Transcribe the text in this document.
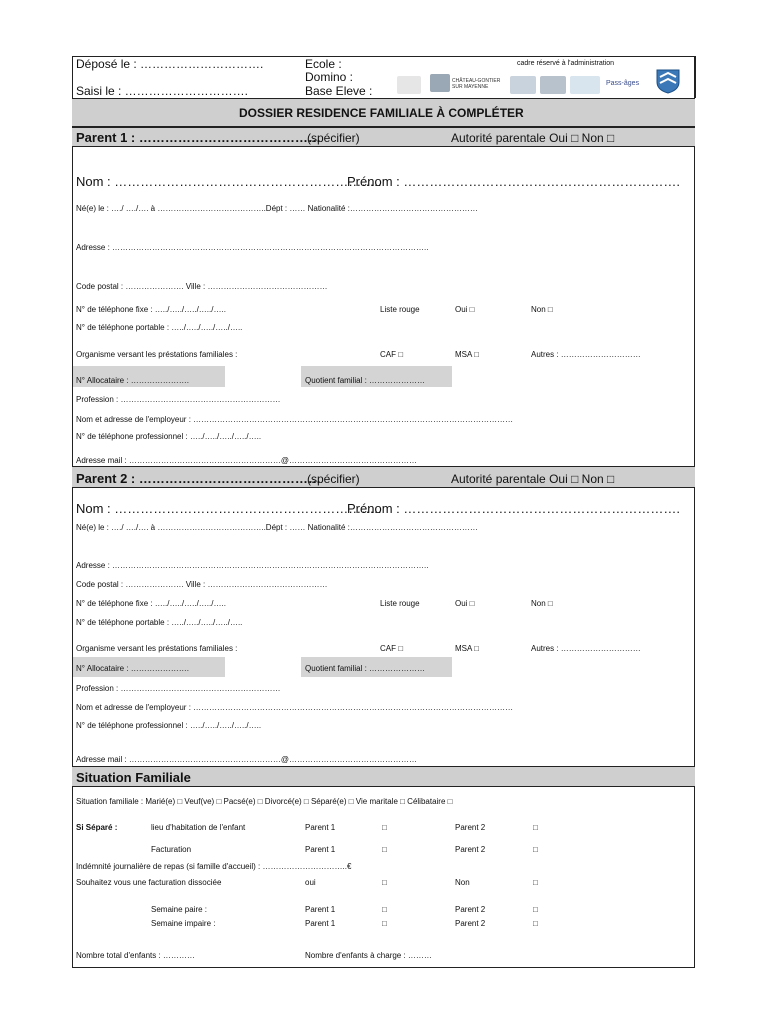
Déposé le : ………………………….
Saisi le : ………………………….
Ecole :
Domino :
Base Eleve :
cadre réservé à l'administration
CHÂTEAU-GONTIER SUR MAYENNE	Pass-âges
DOSSIER RESIDENCE FAMILIALE À COMPLÉTER
Parent 1 : ……………………………………
(spécifier)	Autorité parentale Oui □ Non □
Nom : ……………………………………………………..
Prénom : ……………………………………………………….
Né(e) le : …./ …./…. à …………………………………..Dépt : …… Nationalité :…………………………………………
Adresse : ………………………………………………………………………………………………………..
Code postal : …………………. Ville : ………………………………………
N° de téléphone fixe : …../…../…../…../…..	Liste rouge	Oui □	Non □
N° de téléphone portable : …../…../…../…../…..
Organisme versant les préstations familiales :	CAF □	MSA □	Autres : …………………………
N° Allocataire : ………………….	Quotient familial : …………………
Profession : ……………………………………………………
Nom et adresse de l'employeur : …………………………………………………………………………………………………………
N° de téléphone professionnel : …../…../…../…../…..
Adresse mail : …………………………………………………@…………………………………………
Parent 2 : ……………………………………
(spécifier)	Autorité parentale Oui □ Non □
Nom : ……………………………………………………..
Prénom : ……………………………………………………….
Né(e) le : …./ …./…. à …………………………………..Dépt : …… Nationalité :…………………………………………
Adresse : ………………………………………………………………………………………………………..
Code postal : …………………. Ville : ………………………………………
N° de téléphone fixe : …../…../…../…../…..	Liste rouge	Oui □	Non □
N° de téléphone portable : …../…../…../…../…..
Organisme versant les préstations familiales :	CAF □	MSA □	Autres : …………………………
N° Allocataire : ………………….	Quotient familial : …………………
Profession : ……………………………………………………
Nom et adresse de l'employeur : …………………………………………………………………………………………………………
N° de téléphone professionnel : …../…../…../…../…..
Adresse mail : …………………………………………………@…………………………………………
Situation Familiale
Situation familiale : Marié(e) □ Veuf(ve) □ Pacsé(e) □ Divorcé(e) □ Séparé(e) □ Vie maritale □ Célibataire □
Si Séparé :	lieu d'habitation de l'enfant	Parent 1	□	Parent 2	□
Facturation	Parent 1	□	Parent 2	□
Indémnité journalière de repas (si famille d'accueil) : …………………………..€
Souhaitez vous une facturation dissociée	oui	□	Non	□
Semaine paire :	Parent 1	□	Parent 2	□
Semaine impaire :	Parent 1	□	Parent 2	□
Nombre total d'enfants : …………	Nombre d'enfants à charge : ………
